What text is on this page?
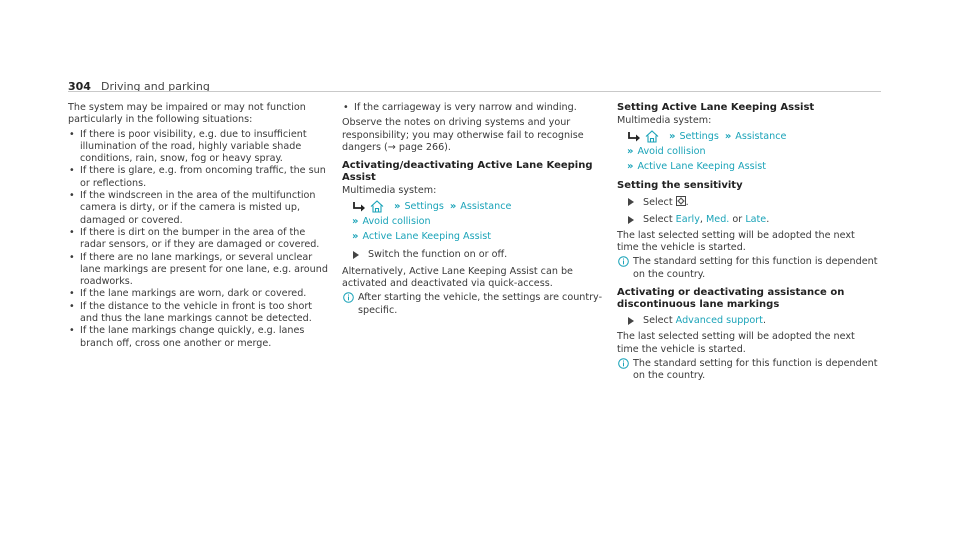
304 Driving and parking

The system may be impaired or may not function particularly in the following situations:

• If there is poor visibility, e.g. due to insufficient illumination of the road, highly variable shade conditions, rain, snow, fog or heavy spray.
• If there is glare, e.g. from oncoming traffic, the sun or reflections.
• If the windscreen in the area of the multifunction camera is dirty, or if the camera is misted up, damaged or covered.
• If there is dirt on the bumper in the area of the radar sensors, or if they are damaged or covered.
• If there are no lane markings, or several unclear lane markings are present for one lane, e.g. around roadworks.
• If the lane markings are worn, dark or covered.
• If the distance to the vehicle in front is too short and thus the lane markings cannot be detected.
• If the lane markings change quickly, e.g. lanes branch off, cross one another or merge.
• If the carriageway is very narrow and winding.

Observe the notes on driving systems and your responsibility; you may otherwise fail to recognise dangers (→ page 266).

Activating/deactivating Active Lane Keeping Assist

Multimedia system:

» Settings » Assistance
» Avoid collision
» Active Lane Keeping Assist
Switch the function on or off.

Alternatively, Active Lane Keeping Assist can be activated and deactivated via quick-access.

After starting the vehicle, the settings are country-specific.
Setting Active Lane Keeping Assist

Multimedia system:

» Settings » Assistance
» Avoid collision
» Active Lane Keeping Assist
Setting the sensitivity
Select .
Select Early, Med. or Late.

The last selected setting will be adopted the next time the vehicle is started.

The standard setting for this function is dependent on the country.
Activating or deactivating assistance on discontinuous lane markings
Select Advanced support.

The last selected setting will be adopted the next time the vehicle is started.

The standard setting for this function is dependent on the country.
